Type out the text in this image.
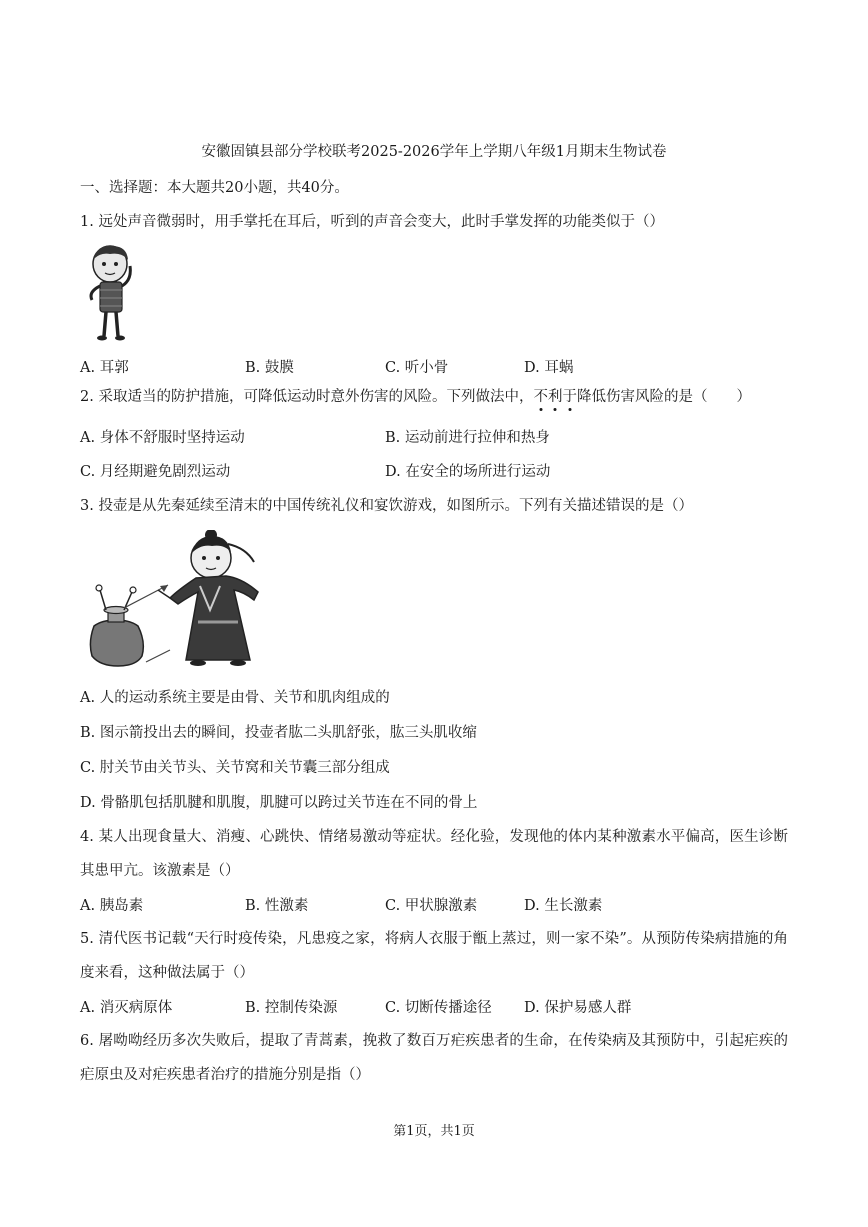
安徽固镇县部分学校联考2025-2026学年上学期八年级1月期末生物试卷
一、选择题：本大题共20小题，共40分。
1. 远处声音微弱时，用手掌托在耳后，听到的声音会变大，此时手掌发挥的功能类似于（）
A. 耳郭	B. 鼓膜	C. 听小骨	D. 耳蜗
2. 采取适当的防护措施，可降低运动时意外伤害的风险。下列做法中，不利于降低伤害风险的是（　　）
A. 身体不舒服时坚持运动	B. 运动前进行拉伸和热身
C. 月经期避免剧烈运动	D. 在安全的场所进行运动
3. 投壶是从先秦延续至清末的中国传统礼仪和宴饮游戏，如图所示。下列有关描述错误的是（）
A. 人的运动系统主要是由骨、关节和肌肉组成的
B. 图示箭投出去的瞬间，投壶者肱二头肌舒张，肱三头肌收缩
C. 肘关节由关节头、关节窝和关节囊三部分组成
D. 骨骼肌包括肌腱和肌腹，肌腱可以跨过关节连在不同的骨上
4. 某人出现食量大、消瘦、心跳快、情绪易激动等症状。经化验，发现他的体内某种激素水平偏高，医生诊断其患甲亢。该激素是（）
A. 胰岛素	B. 性激素	C. 甲状腺激素	D. 生长激素
5. 清代医书记载“天行时疫传染，凡患疫之家，将病人衣服于甑上蒸过，则一家不染”。从预防传染病措施的角度来看，这种做法属于（）
A. 消灭病原体	B. 控制传染源	C. 切断传播途径 D. 保护易感人群
6. 屠呦呦经历多次失败后，提取了青蒿素，挽救了数百万疟疾患者的生命，在传染病及其预防中，引起疟疾的疟原虫及对疟疾患者治疗的措施分别是指（）
第1页，共1页
